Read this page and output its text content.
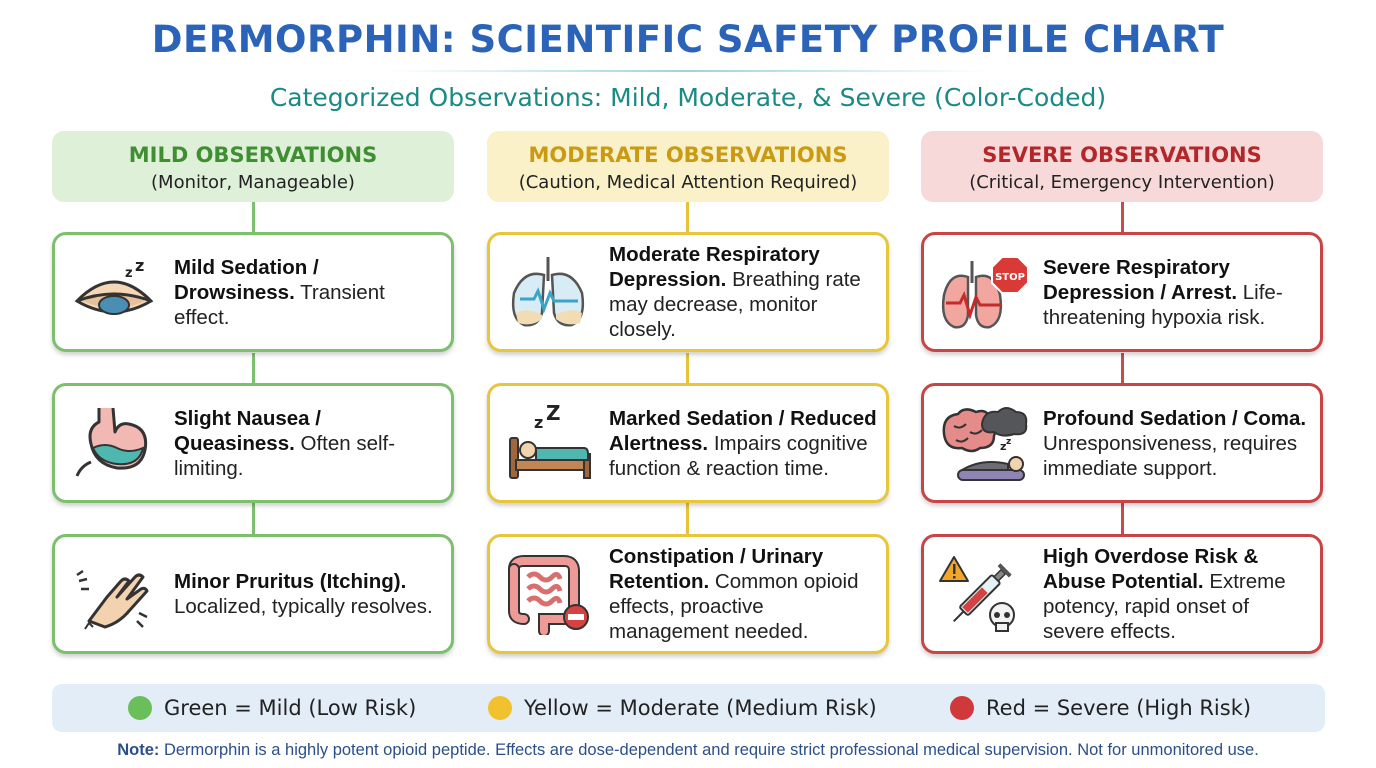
DERMORPHIN: SCIENTIFIC SAFETY PROFILE CHART
Categorized Observations: Mild, Moderate, & Severe (Color-Coded)
MILD OBSERVATIONS
(Monitor, Manageable)
MODERATE OBSERVATIONS
(Caution, Medical Attention Required)
SEVERE OBSERVATIONS
(Critical, Emergency Intervention)
z z Mild Sedation / Drowsiness. Transient effect.
Slight Nausea / Queasiness. Often self-limiting.
Minor Pruritus (Itching). Localized, typically resolves.
Moderate Respiratory Depression. Breathing rate may decrease, monitor closely.
z Z Marked Sedation / Reduced Alertness. Impairs cognitive function & reaction time.
Constipation / Urinary Retention. Common opioid effects, proactive management needed.
STOP Severe Respiratory Depression / Arrest. Life-threatening hypoxia risk.
z z
Profound Sedation / Coma. Unresponsiveness, requires immediate support.
High Overdose Risk & Abuse Potential. Extreme potency, rapid onset of severe effects.
Green = Mild (Low Risk)	Yellow = Moderate (Medium Risk)	Red = Severe (High Risk)
Note: Dermorphin is a highly potent opioid peptide. Effects are dose-dependent and require strict professional medical supervision. Not for unmonitored use.
